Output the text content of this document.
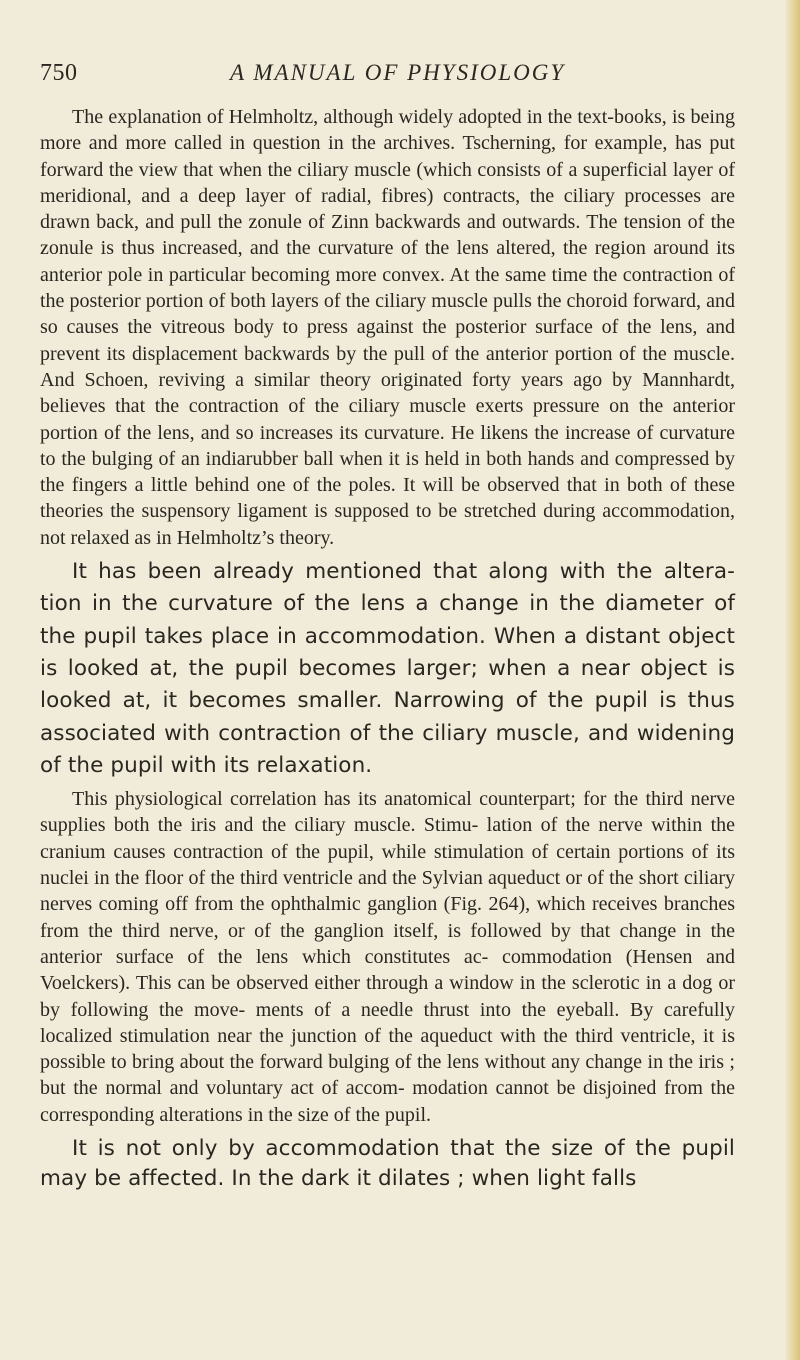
750	A MANUAL OF PHYSIOLOGY

The explanation of Helmholtz, although widely adopted in the text-books, is being more and more called in question in the archives. Tscherning, for example, has put forward the view that when the ciliary muscle (which consists of a superficial layer of meridional, and a deep layer of radial, fibres) contracts, the ciliary processes are drawn back, and pull the zonule of Zinn backwards and outwards. The tension of the zonule is thus increased, and the curvature of the lens altered, the region around its anterior pole in particular becoming more convex. At the same time the contraction of the posterior portion of both layers of the ciliary muscle pulls the choroid forward, and so causes the vitreous body to press against the posterior surface of the lens, and prevent its displacement backwards by the pull of the anterior portion of the muscle. And Schoen, reviving a similar theory originated forty years ago by Mannhardt, believes that the contraction of the ciliary muscle exerts pressure on the anterior portion of the lens, and so increases its curvature. He likens the increase of curvature to the bulging of an indiarubber ball when it is held in both hands and compressed by the fingers a little behind one of the poles. It will be observed that in both of these theories the suspensory ligament is supposed to be stretched during accommodation, not relaxed as in Helmholtz’s theory.

It has been already mentioned that along with the altera- tion in the curvature of the lens a change in the diameter of the pupil takes place in accommodation. When a distant object is looked at, the pupil becomes larger; when a near object is looked at, it becomes smaller. Narrowing of the pupil is thus associated with contraction of the ciliary muscle, and widening of the pupil with its relaxation.

This physiological correlation has its anatomical counterpart; for the third nerve supplies both the iris and the ciliary muscle. Stimu- lation of the nerve within the cranium causes contraction of the pupil, while stimulation of certain portions of its nuclei in the floor of the third ventricle and the Sylvian aqueduct or of the short ciliary nerves coming off from the ophthalmic ganglion (Fig. 264), which receives branches from the third nerve, or of the ganglion itself, is followed by that change in the anterior surface of the lens which constitutes ac- commodation (Hensen and Voelckers). This can be observed either through a window in the sclerotic in a dog or by following the move- ments of a needle thrust into the eyeball. By carefully localized stimulation near the junction of the aqueduct with the third ventricle, it is possible to bring about the forward bulging of the lens without any change in the iris ; but the normal and voluntary act of accom- modation cannot be disjoined from the corresponding alterations in the size of the pupil.

It is not only by accommodation that the size of the pupil may be affected. In the dark it dilates ; when light falls
